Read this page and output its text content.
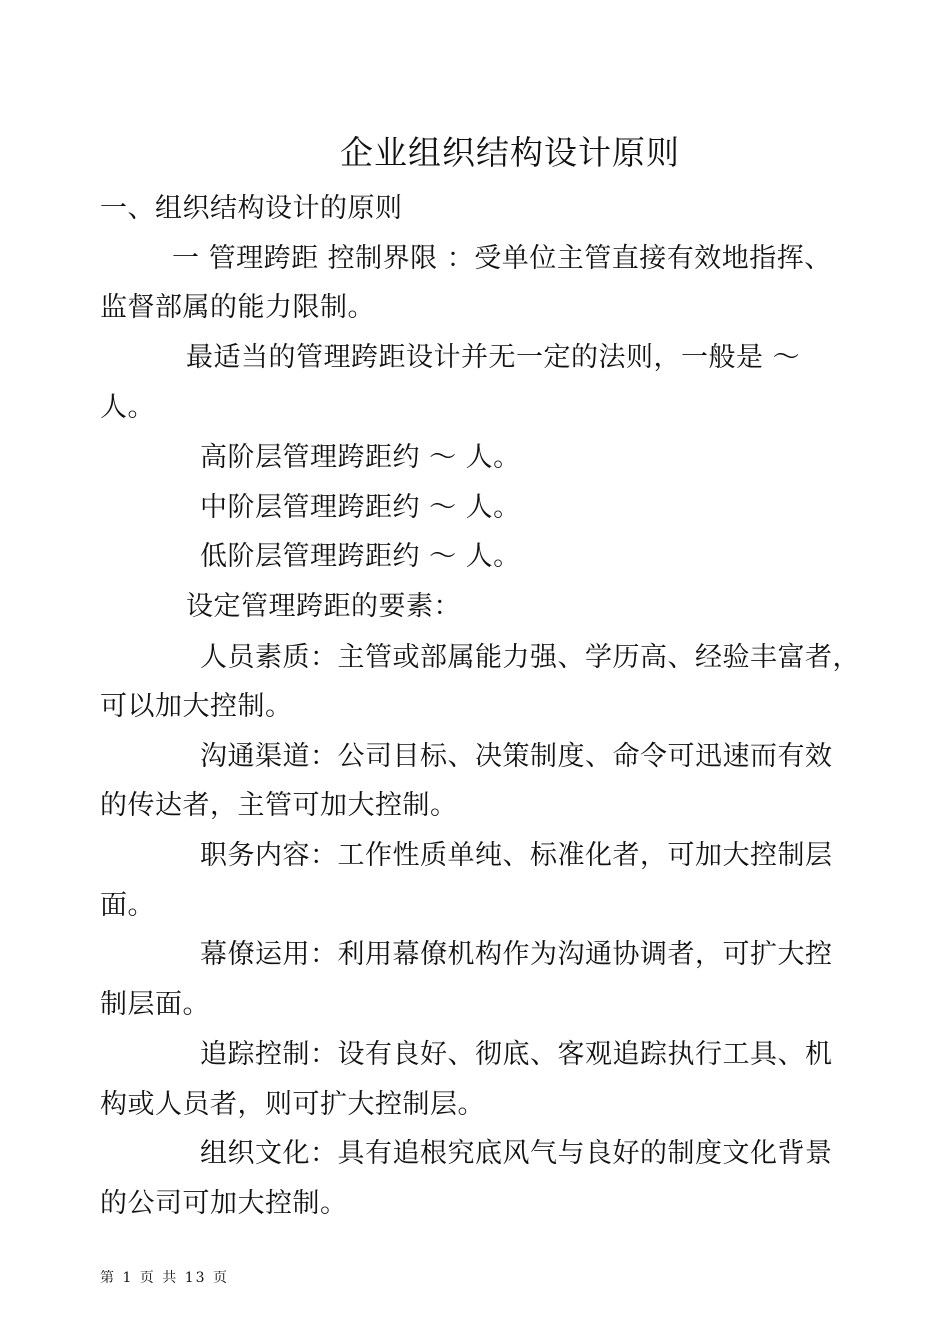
企业组织结构设计原则
一、组织结构设计的原则
一 管理跨距 控制界限 ：受单位主管直接有效地指挥、
监督部属的能力限制。
最适当的管理跨距设计并无一定的法则，一般是 ～
人。
高阶层管理跨距约 ～ 人。
中阶层管理跨距约 ～ 人。
低阶层管理跨距约 ～ 人。
设定管理跨距的要素：
人员素质：主管或部属能力强、学历高、经验丰富者，
可以加大控制。
沟通渠道：公司目标、决策制度、命令可迅速而有效
的传达者，主管可加大控制。
职务内容：工作性质单纯、标准化者，可加大控制层
面。
幕僚运用：利用幕僚机构作为沟通协调者，可扩大控
制层面。
追踪控制：设有良好、彻底、客观追踪执行工具、机
构或人员者，则可扩大控制层。
组织文化：具有追根究底风气与良好的制度文化背景
的公司可加大控制。
第 1 页 共 13 页
